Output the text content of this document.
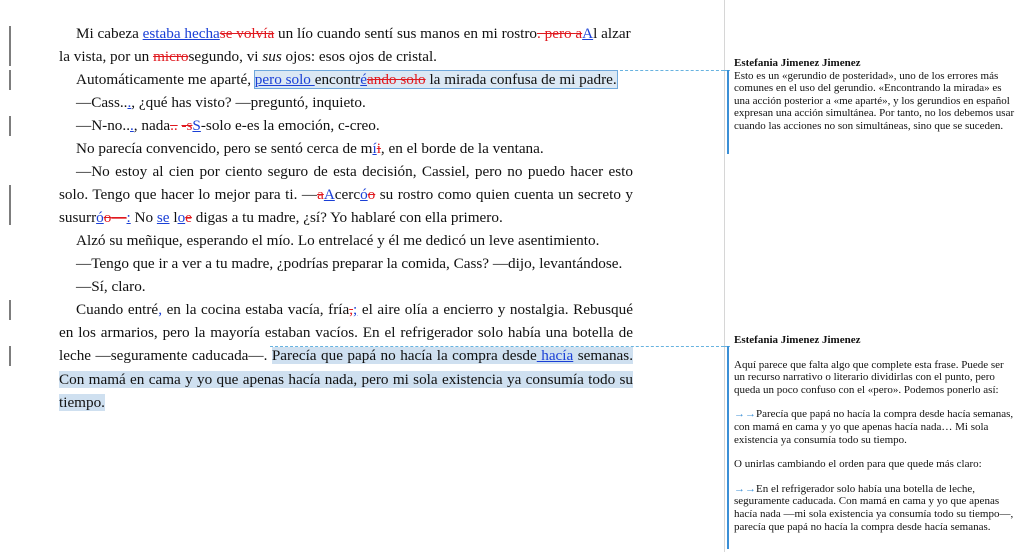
Mi cabeza estaba hechase volvía un lío cuando sentí sus manos en mi rostro. pero aAl alzar la vista, por un microsegundo, vi sus ojos: esos ojos de cristal.
Automáticamente me aparté, pero solo encontréando solo la mirada confusa de mi padre.
—Cass..., ¿qué has visto? —preguntó, inquieto.
—N-no..., nada.. -sS-solo e-es la emoción, c-creo.
No parecía convencido, pero se sentó cerca de míi, en el borde de la ventana.
—No estoy al cien por ciento seguro de esta decisión, Cassiel, pero no puedo hacer esto solo. Tengo que hacer lo mejor para ti. —aAcercóo su rostro como quien cuenta un secreto y susurróo—: No se loe digas a tu madre, ¿sí? Yo hablaré con ella primero.
Alzó su meñique, esperando el mío. Lo entrelacé y él me dedicó un leve asentimiento.
—Tengo que ir a ver a tu madre, ¿podrías preparar la comida, Cass? —dijo, levantándose.
—Sí, claro.
Cuando entré, en la cocina estaba vacía, fría,; el aire olía a encierro y nostalgia. Rebusqué en los armarios, pero la mayoría estaban vacíos. En el refrigerador solo había una botella de leche —seguramente caducada—. Parecía que papá no hacía la compra desde hacía semanas. Con mamá en cama y yo que apenas hacía nada, pero mi sola existencia ya consumía todo su tiempo.
Estefania Jimenez Jimenez
Esto es un «gerundio de posteridad», uno de los errores más comunes en el uso del gerundio. «Encontrando la mirada» es una acción posterior a «me aparté», y los gerundios en español expresan una acción simultánea. Por tanto, no los debemos usar cuando las acciones no son simultáneas, sino que se suceden.
Estefania Jimenez Jimenez
Aquí parece que falta algo que complete esta frase. Puede ser un recurso narrativo o literario dividirlas con el punto, pero queda un poco confuso con el «pero». Podemos ponerlo así:
→→Parecía que papá no hacía la compra desde hacía semanas, con mamá en cama y yo que apenas hacía nada… Mi sola existencia ya consumía todo su tiempo.
O unirlas cambiando el orden para que quede más claro:
→→En el refrigerador solo había una botella de leche, seguramente caducada. Con mamá en cama y yo que apenas hacía nada —mi sola existencia ya consumía todo su tiempo—, parecía que papá no hacía la compra desde hacía semanas.
